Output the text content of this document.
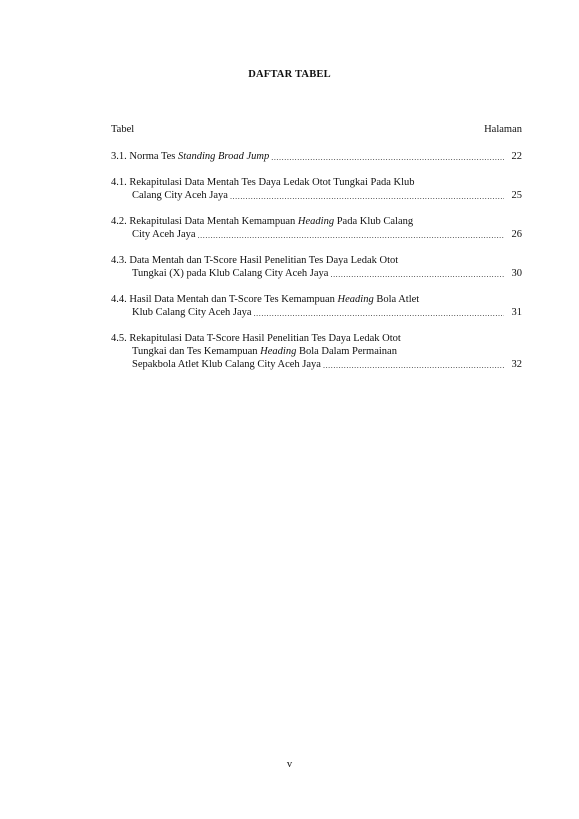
DAFTAR TABEL
Tabel	Halaman
3.1. Norma Tes Standing Broad Jump .....	22
4.1. Rekapitulasi Data Mentah Tes Daya Ledak Otot Tungkai Pada Klub
Calang City Aceh Jaya .....	25
4.2. Rekapitulasi Data Mentah Kemampuan Heading Pada Klub Calang
City Aceh Jaya .....	26
4.3. Data Mentah dan T-Score Hasil Penelitian Tes Daya Ledak Otot
Tungkai (X) pada Klub Calang City Aceh Jaya .....	30
4.4. Hasil Data Mentah dan T-Score Tes Kemampuan Heading Bola Atlet
Klub Calang City Aceh Jaya .....	31
4.5. Rekapitulasi Data T-Score Hasil Penelitian Tes Daya Ledak Otot
Tungkai dan Tes Kemampuan Heading Bola Dalam Permainan
Sepakbola Atlet Klub Calang City Aceh Jaya .....	32
v
